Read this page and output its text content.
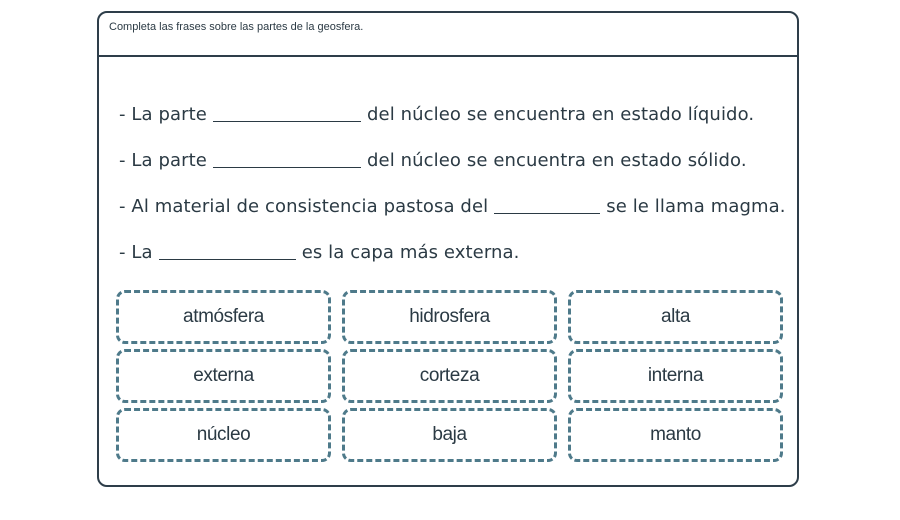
Completa las frases sobre las partes de la geosfera.
- La parte	del núcleo se encuentra en estado líquido.
- La parte	del núcleo se encuentra en estado sólido.
- Al material de consistencia pastosa del	se le llama magma.
- La	es la capa más externa.
atmósfera	hidrosfera	alta
externa	corteza	interna
núcleo	baja	manto
